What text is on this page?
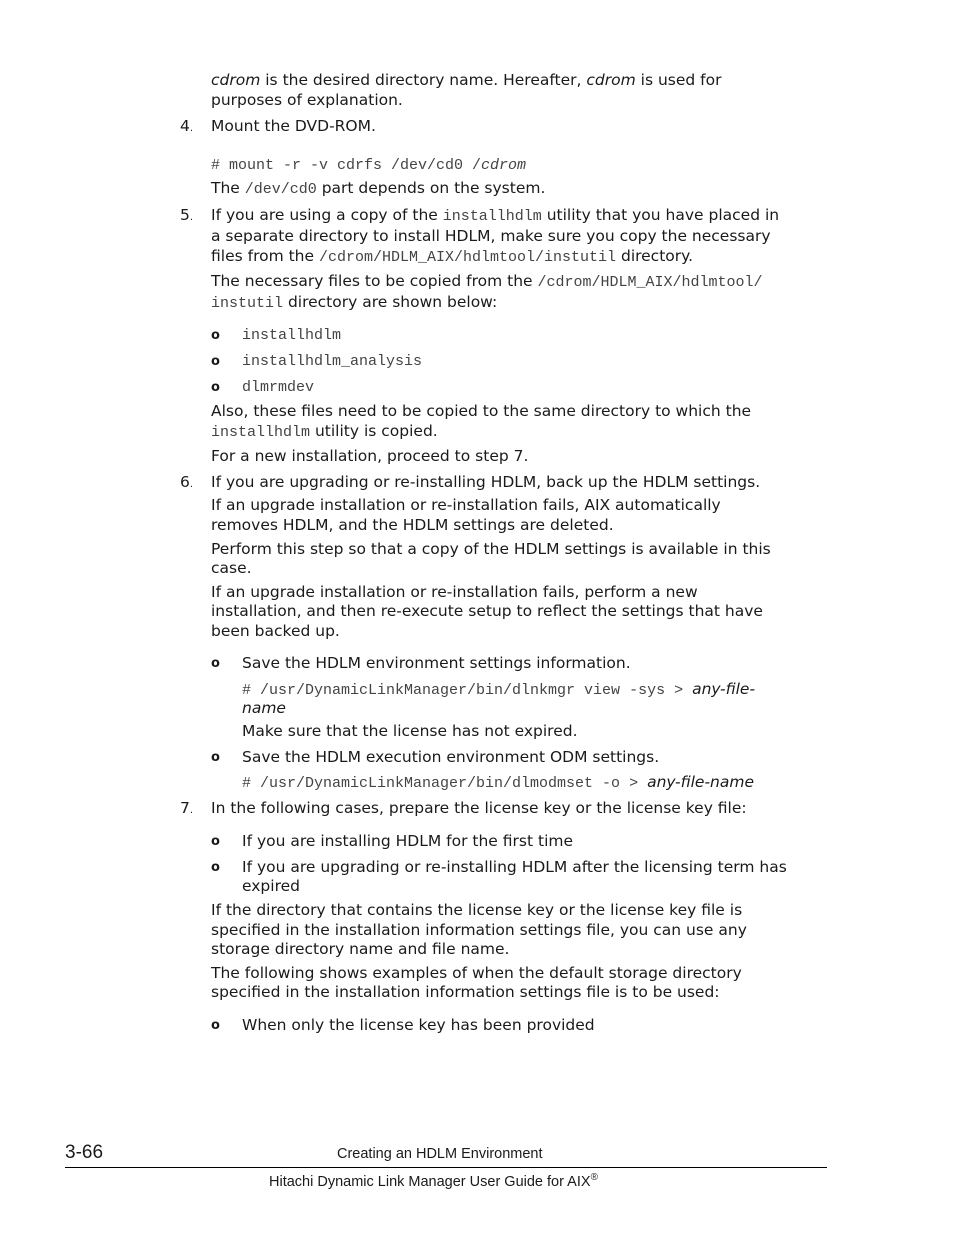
cdrom is the desired directory name. Hereafter, cdrom is used for
purposes of explanation.
4. Mount the DVD-ROM.
# mount -r -v cdrfs /dev/cd0 /cdrom
The /dev/cd0 part depends on the system.
5. If you are using a copy of the installhdlm utility that you have placed in
a separate directory to install HDLM, make sure you copy the necessary
files from the /cdrom/HDLM_AIX/hdlmtool/instutil directory.
The necessary files to be copied from the /cdrom/HDLM_AIX/hdlmtool/
instutil directory are shown below:
o installhdlm
o installhdlm_analysis
o dlmrmdev
Also, these files need to be copied to the same directory to which the
installhdlm utility is copied.
For a new installation, proceed to step 7.
6. If you are upgrading or re-installing HDLM, back up the HDLM settings.
If an upgrade installation or re-installation fails, AIX automatically
removes HDLM, and the HDLM settings are deleted.
Perform this step so that a copy of the HDLM settings is available in this
case.
If an upgrade installation or re-installation fails, perform a new
installation, and then re-execute setup to reflect the settings that have
been backed up.
o Save the HDLM environment settings information.
# /usr/DynamicLinkManager/bin/dlnkmgr view -sys > any-file-
name
Make sure that the license has not expired.
o Save the HDLM execution environment ODM settings.
# /usr/DynamicLinkManager/bin/dlmodmset -o > any-file-name
7. In the following cases, prepare the license key or the license key file:
o If you are installing HDLM for the first time
o If you are upgrading or re-installing HDLM after the licensing term has
expired
If the directory that contains the license key or the license key file is
specified in the installation information settings file, you can use any
storage directory name and file name.
The following shows examples of when the default storage directory
specified in the installation information settings file is to be used:
o When only the license key has been provided
3-66	Creating an HDLM Environment
Hitachi Dynamic Link Manager User Guide for AIX®
